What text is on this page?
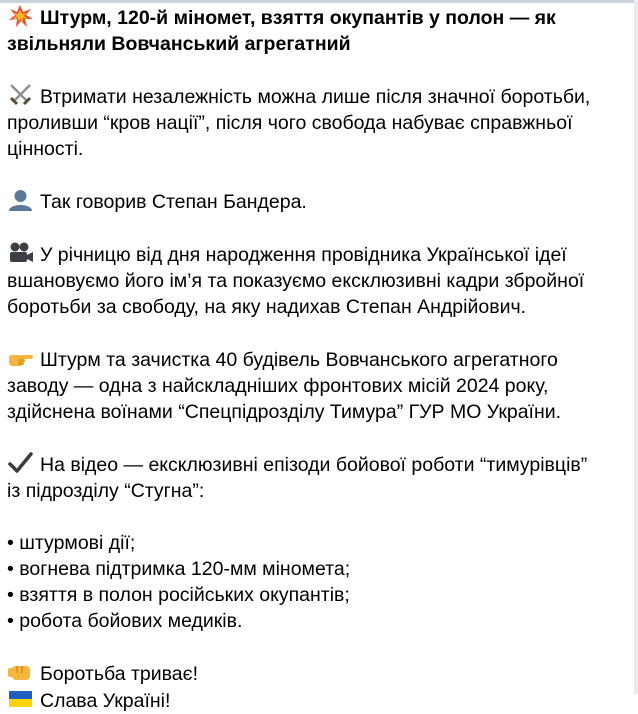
Штурм, 120-й міномет, взяття окупантів у полон — як
звільняли Вовчанський агрегатний
Втримати незалежність можна лише після значної боротьби,
проливши “кров нації”, після чого свобода набуває справжньої
цінності.
Так говорив Степан Бандера.
У річницю від дня народження провідника Української ідеї
вшановуємо його ім’я та показуємо ексклюзивні кадри збройної
боротьби за свободу, на яку надихав Степан Андрійович.
Штурм та зачистка 40 будівель Вовчанського агрегатного
заводу — одна з найскладніших фронтових місій 2024 року,
здійснена воїнами “Спецпідрозділу Тимура” ГУР МО України.
На відео — ексклюзивні епізоди бойової роботи “тимурівців”
із підрозділу “Стугна”:
• штурмові дії;
• вогнева підтримка 120-мм міномета;
• взяття в полон російських окупантів;
• робота бойових медиків.
Боротьба триває!
Слава Україні!
